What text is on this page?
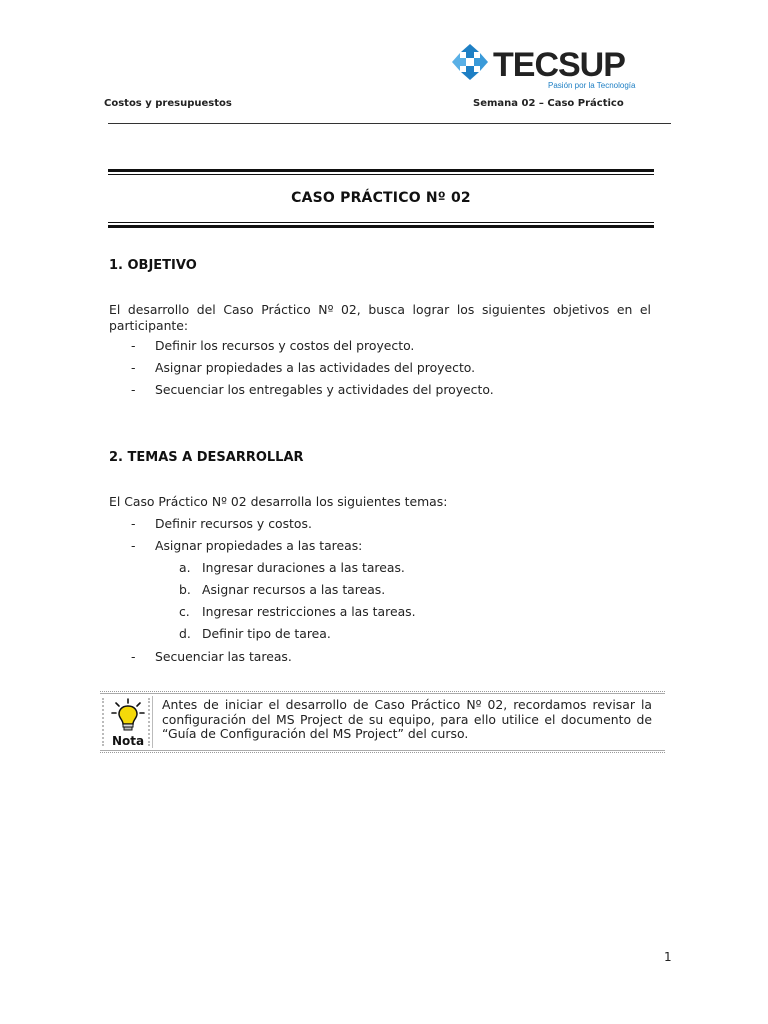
TECSUP
Pasión por la Tecnología
Costos y presupuestos	Semana 02 – Caso Práctico
CASO PRÁCTICO Nº 02
1. OBJETIVO
El desarrollo del Caso Práctico Nº 02, busca lograr los siguientes objetivos en el participante:
- Definir los recursos y costos del proyecto.
- Asignar propiedades a las actividades del proyecto.
- Secuenciar los entregables y actividades del proyecto.
2. TEMAS A DESARROLLAR
El Caso Práctico Nº 02 desarrolla los siguientes temas:
- Definir recursos y costos.
- Asignar propiedades a las tareas:
a. Ingresar duraciones a las tareas.
b. Asignar recursos a las tareas.
c. Ingresar restricciones a las tareas.
d. Definir tipo de tarea.
- Secuenciar las tareas.
Nota
Antes de iniciar el desarrollo de Caso Práctico Nº 02, recordamos revisar la configuración del MS Project de su equipo, para ello utilice el documento de “Guía de Configuración del MS Project” del curso.
1
